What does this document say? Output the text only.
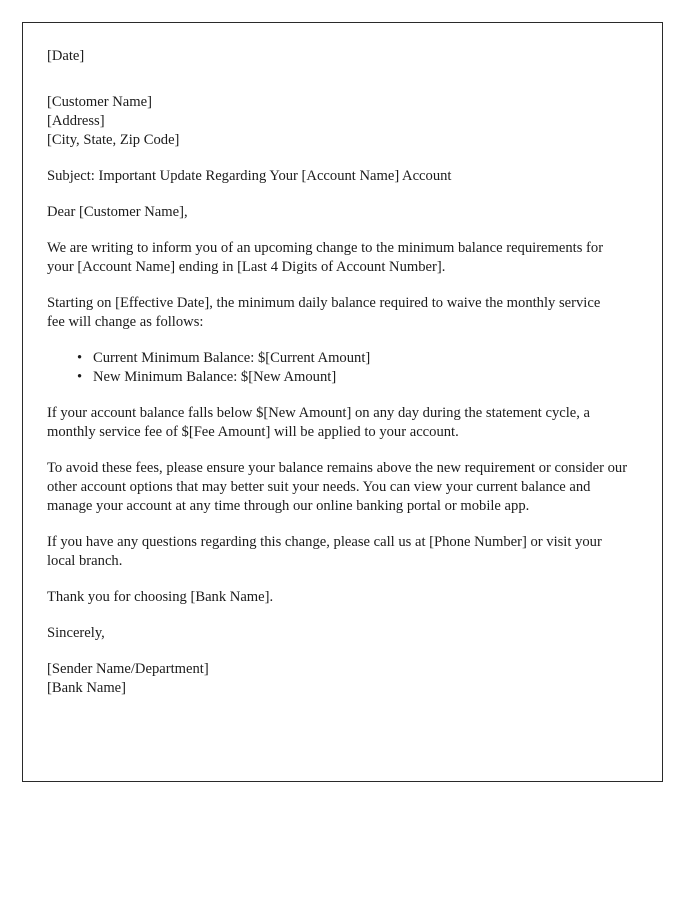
[Date]

[Customer Name]
[Address]
[City, State, Zip Code]

Subject: Important Update Regarding Your [Account Name] Account

Dear [Customer Name],

We are writing to inform you of an upcoming change to the minimum balance requirements for your [Account Name] ending in [Last 4 Digits of Account Number].

Starting on [Effective Date], the minimum daily balance required to waive the monthly service fee will change as follows:

• Current Minimum Balance: $[Current Amount]
• New Minimum Balance: $[New Amount]

If your account balance falls below $[New Amount] on any day during the statement cycle, a monthly service fee of $[Fee Amount] will be applied to your account.

To avoid these fees, please ensure your balance remains above the new requirement or consider our other account options that may better suit your needs. You can view your current balance and manage your account at any time through our online banking portal or mobile app.

If you have any questions regarding this change, please call us at [Phone Number] or visit your local branch.

Thank you for choosing [Bank Name].

Sincerely,

[Sender Name/Department]
[Bank Name]
